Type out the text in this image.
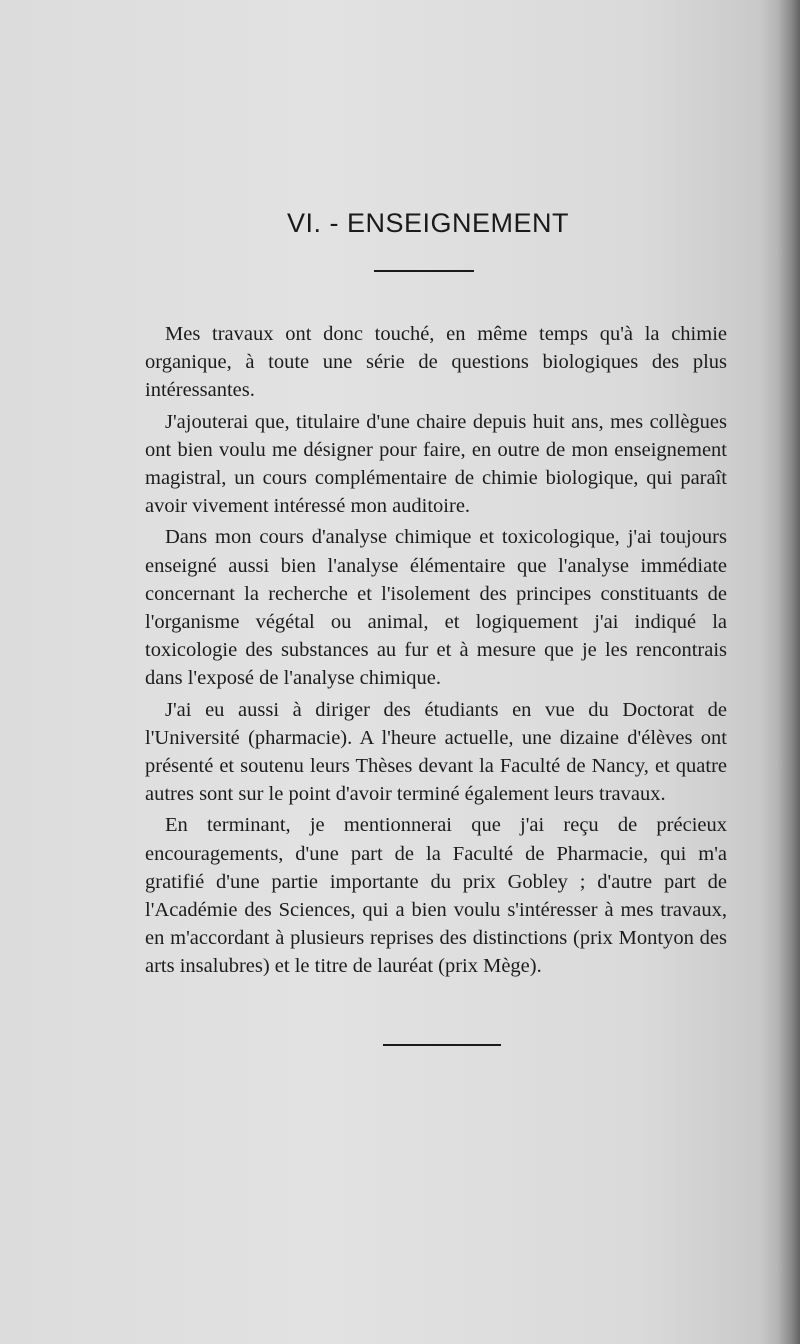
VI. - ENSEIGNEMENT

Mes travaux ont donc touché, en même temps qu'à la chimie organique, à toute une série de questions biologiques des plus intéressantes.

J'ajouterai que, titulaire d'une chaire depuis huit ans, mes collègues ont bien voulu me désigner pour faire, en outre de mon enseignement magistral, un cours complémentaire de chimie biologique, qui paraît avoir vivement intéressé mon auditoire.

Dans mon cours d'analyse chimique et toxicologique, j'ai toujours enseigné aussi bien l'analyse élémentaire que l'analyse immédiate concernant la recherche et l'isolement des principes constituants de l'organisme végétal ou animal, et logiquement j'ai indiqué la toxicologie des substances au fur et à mesure que je les rencontrais dans l'exposé de l'analyse chimique.

J'ai eu aussi à diriger des étudiants en vue du Doctorat de l'Université (pharmacie). A l'heure actuelle, une dizaine d'élèves ont présenté et soutenu leurs Thèses devant la Faculté de Nancy, et quatre autres sont sur le point d'avoir terminé également leurs travaux.

En terminant, je mentionnerai que j'ai reçu de précieux encouragements, d'une part de la Faculté de Pharmacie, qui m'a gratifié d'une partie importante du prix Gobley ; d'autre part de l'Académie des Sciences, qui a bien voulu s'intéresser à mes travaux, en m'accordant à plusieurs reprises des distinctions (prix Montyon des arts insalubres) et le titre de lauréat (prix Mège).
